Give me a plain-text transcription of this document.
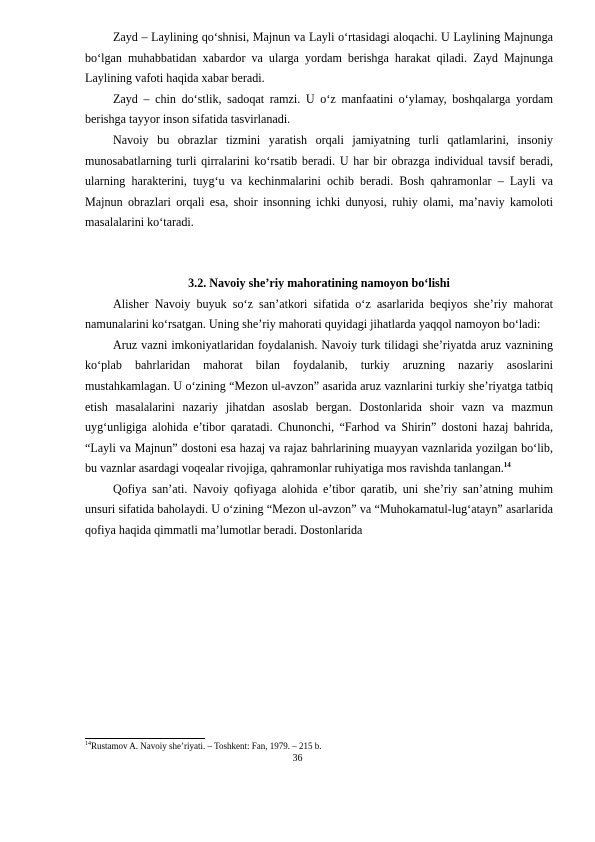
Zayd – Laylining qo‘shnisi, Majnun va Layli o‘rtasidagi aloqachi. U Laylining Majnunga bo‘lgan muhabbatidan xabardor va ularga yordam berishga harakat qiladi. Zayd Majnunga Laylining vafoti haqida xabar beradi.

Zayd – chin do‘stlik, sadoqat ramzi. U o‘z manfaatini o‘ylamay, boshqalarga yordam berishga tayyor inson sifatida tasvirlanadi.

Navoiy bu obrazlar tizmini yaratish orqali jamiyatning turli qatlamlarini, insoniy munosabatlarning turli qirralarini ko‘rsatib beradi. U har bir obrazga individual tavsif beradi, ularning harakterini, tuyg‘u va kechinmalarini ochib beradi. Bosh qahramonlar – Layli va Majnun obrazlari orqali esa, shoir insonning ichki dunyosi, ruhiy olami, ma’naviy kamoloti masalalarini ko‘taradi.

3.2. Navoiy she’riy mahoratining namoyon bo‘lishi

Alisher Navoiy buyuk so‘z san’atkori sifatida o‘z asarlarida beqiyos she’riy mahorat namunalarini ko‘rsatgan. Uning she’riy mahorati quyidagi jihatlarda yaqqol namoyon bo‘ladi:

Aruz vazni imkoniyatlaridan foydalanish. Navoiy turk tilidagi she’riyatda aruz vaznining ko‘plab bahrlaridan mahorat bilan foydalanib, turkiy aruzning nazariy asoslarini mustahkamlagan. U o‘zining “Mezon ul-avzon” asarida aruz vaznlarini turkiy she’riyatga tatbiq etish masalalarini nazariy jihatdan asoslab bergan. Dostonlarida shoir vazn va mazmun uyg‘unligiga alohida e’tibor qaratadi. Chunonchi, “Farhod va Shirin” dostoni hazaj bahrida, “Layli va Majnun” dostoni esa hazaj va rajaz bahrlarining muayyan vaznlarida yozilgan bo‘lib, bu vaznlar asardagi voqealar rivojiga, qahramonlar ruhiyatiga mos ravishda tanlangan.$^{14}$

Qofiya san’ati. Navoiy qofiyaga alohida e’tibor qaratib, uni she’riy san’atning muhim unsuri sifatida baholaydi. U o‘zining “Mezon ul-avzon” va “Muhokamatul-lug‘atayn” asarlarida qofiya haqida qimmatli ma’lumotlar beradi. Dostonlarida

$^{14}$Rustamov A. Navoiy she’riyati. – Toshkent: Fan, 1979. – 215 b.

36
